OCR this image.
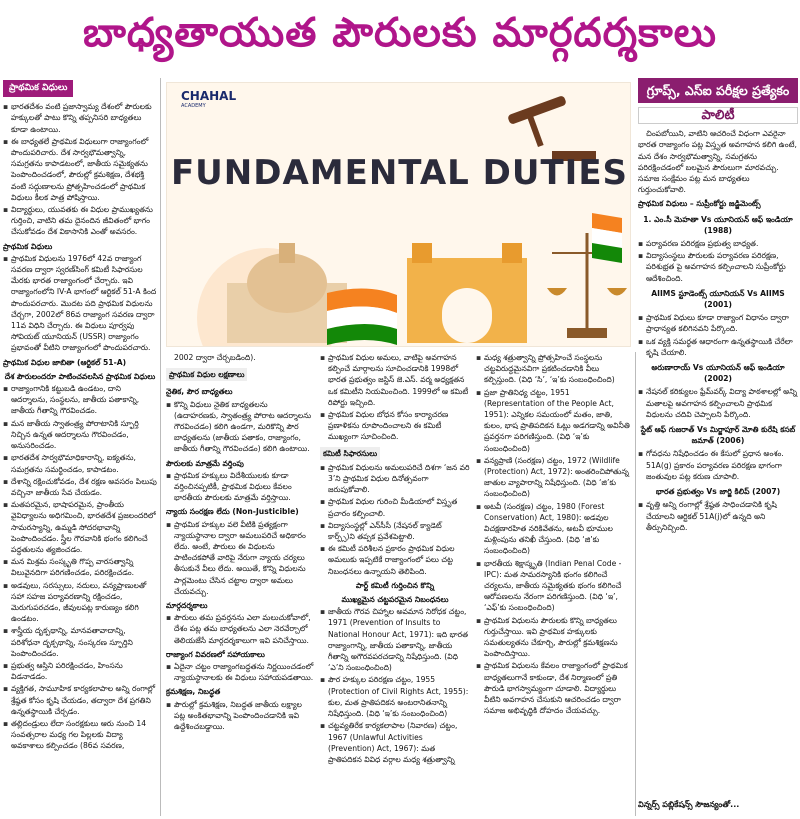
బాధ్యతాయుత పౌరులకు మార్గదర్శకాలు
ప్రాథమిక విధులు
▪ భారతదేశం వంటి ప్రజాస్వామ్య దేశంలో పౌరులకు హక్కులతో పాటు కొన్ని తప్పనిసరి బాధ్యతలు కూడా ఉంటాయి.
▪ ఈ బాధ్యతలే ప్రాథమిక విధులుగా రాజ్యాంగంలో పొందుపరిచారు. దేశ సార్వభౌమత్వాన్ని, సమగ్రతను కాపాడటంలో, జాతీయ సమైక్యతను పెంపొందించడంలో, పౌరుల్లో క్రమశిక్షణ, దేశభక్తి వంటి సద్గుణాలను ప్రోత్సహించడంలో ప్రాథమిక విధులు కీలక పాత్ర పోషిస్తాయి.
▪ విద్యార్థులు, యువతకు ఈ విధుల ప్రాముఖ్యతను గుర్తించి, వాటిని తమ దైనందిన జీవితంలో భాగం చేసుకోవడం దేశ వికాసానికి ఎంతో అవసరం.
ప్రాథమిక విధులు
▪ ప్రాథమిక విధులను 1976లో 42వ రాజ్యాంగ సవరణ ద్వారా స్వరణ్‌సింగ్ కమిటీ సిఫారసుల మేరకు భారత రాజ్యాంగంలో చేర్చారు. ఇవి రాజ్యాంగంలోని IV-A భాగంలో ఆర్టికల్ 51-A కింద పొందుపరచారు. మొదట పది ప్రాథమిక విధులను చేర్చగా, 2002లో 86వ రాజ్యాంగ సవరణ ద్వారా 11వ విధిని చేర్చారు. ఈ విధులు పూర్వపు సోవియట్ యూనియన్ (USSR) రాజ్యాంగం ప్రభావంతో వీటిని రాజ్యాంగంలో పొందుపరచారు.
ప్రాథమిక విధుల జాబితా (ఆర్టికల్ 51-A)
దేశ పౌరులందరూ పాటించవలసిన ప్రాథమిక విధులు
▪ రాజ్యాంగానికి కట్టుబడి ఉండటం, దాని ఆదర్శాలను, సంస్థలను, జాతీయ పతాకాన్ని, జాతీయ గీతాన్ని గౌరవించడం.
▪ మన జాతీయ స్వాతంత్ర్య పోరాటానికి స్ఫూర్తి నిచ్చిన ఉన్నత ఆదర్శాలను గౌరవించడం, అనుసరించడం.
▪ భారతదేశ సార్వభౌమాధికారాన్ని, ఐక్యతను, సమగ్రతను సమర్థించడం, కాపాడటం.
▪ దేశాన్ని రక్షించుకోవడం, దేశ రక్షణ అవసరం పిలుపు వచ్చినా జాతీయ సేవ చేయడం.
▪ మతపరమైన, భాషాపరమైన, ప్రాంతీయ వైవిధ్యాలను అధిగమించి, భారతదేశ ప్రజలందరిలో సామరస్యాన్ని, ఉమ్మడి సోదరభావాన్ని పెంపొందించడం. స్త్రీల గౌరవానికి భంగం కలిగించే పద్ధతులను త్యజించడం.
▪ మన మిశ్రమ సంస్కృతి గొప్ప వారసత్వాన్ని విలువైనదిగా పరిగణించడం, పరిరక్షించడం.
▪ అడవులు, సరస్సులు, నదులు, వన్యప్రాణులతో సహా సహజ పర్యావరణాన్ని రక్షించడం, మెరుగుపరచడం, జీవులపట్ల కారుణ్యం కలిగి ఉండటం.
▪ శాస్త్రీయ దృక్పథాన్ని, మానవతావాదాన్ని, పరిశోధనా దృక్పథాన్ని, సంస్కరణ స్ఫూర్తిని పెంపొందించడం.
▪ ప్రభుత్వ ఆస్తిని పరిరక్షించడం, హింసను విడనాడడం.
▪ వ్యక్తిగత, సామూహిక కార్యకలాపాల అన్ని రంగాల్లో శ్రేష్ఠత కోసం కృషి చేయడం, తద్వారా దేశ ప్రగతిని ఉన్నతస్థాయికి చేర్చడం.
▪ తల్లిదండ్రులు లేదా సంరక్షకులు ఆరు నుంచి 14 సంవత్సరాల మధ్య గల పిల్లలకు విద్యా అవకాశాలు కల్పించడం (86వ సవరణ,
CHAHAL
ACADEMY
FUNDAMENTAL DUTIES
2002 ద్వారా చేర్చబడింది).
ప్రాథమిక విధుల లక్షణాలు
నైతిక, పౌర బాధ్యతలు
▪ కొన్ని విధులు నైతిక బాధ్యతలను (ఉదాహరణకు, స్వాతంత్ర్య పోరాట ఆదర్శాలను గౌరవించడం) కలిగి ఉండగా, మరికొన్ని పౌర బాధ్యతలను (జాతీయ పతాకం, రాజ్యాంగం, జాతీయ గీతాన్ని గౌరవించడం) కలిగి ఉంటాయి.
పౌరులకు మాత్రమే వర్తింపు
▪ ప్రాథమిక హక్కులు విదేశీయులకు కూడా వర్తించినప్పటికీ, ప్రాథమిక విధులు కేవలం భారతీయ పౌరులకు మాత్రమే వర్తిస్తాయి.
న్యాయ సంరక్షణ లేదు (Non-Justicible)
▪ ప్రాథమిక హక్కుల వలె వీటికి ప్రత్యక్షంగా న్యాయస్థానాల ద్వారా అమలుపరిచే అధికారం లేదు. అంటే, పౌరులు ఈ విధులను పాటించకపోతే వారిపై నేరుగా న్యాయ చర్యలు తీసుకునే వీలు లేదు. అయితే, కొన్ని విధులను పార్లమెంటు చేసిన చట్టాల ద్వారా అమలు చేయవచ్చు.
మార్గదర్శకాలు
▪ పౌరులు తమ ప్రవర్తనను ఎలా మలుచుకోవాలో, దేశం పట్ల తమ బాధ్యతలను ఎలా నెరవేర్చాలో తెలియజేసే మార్గదర్శకాలుగా ఇవి పనిచేస్తాయి.
రాజ్యాంగ వివరణలో సహాయకాలు
▪ ఏదైనా చట్టం రాజ్యాంగబద్ధతను నిర్ణయించడంలో న్యాయస్థానాలకు ఈ విధులు సహాయపడతాయి.
క్రమశిక్షణ, నిబద్ధత
▪ పౌరుల్లో క్రమశిక్షణ, నిబద్ధత జాతీయ లక్ష్యాల పట్ల అంకితభావాన్ని పెంపొందించడానికి ఇవి ఉద్దేశించబడ్డాయి.
▪ ప్రాథమిక విధుల అమలు, వాటిపై అవగాహన కల్పించే మార్గాలను సూచించడానికి 1998లో భారత ప్రభుత్వం జస్టిస్ జె.ఎస్. వర్మ అధ్యక్షతన ఒక కమిటీని నియమించింది. 1999లో ఆ కమిటీ రిపోర్టు ఇచ్చింది.
▪ ప్రాథమిక విధుల బోధన కోసం కార్యాచరణ ప్రణాళికను రూపొందించాలని ఈ కమిటీ ముఖ్యంగా సూచించింది.
కమిటీ సిఫారసులు
▪ ప్రాథమిక విధులను అమలుపరిచే దిశగా ‘జన వరి 3’ని ప్రాథమిక విధుల దినోత్సవంగా జరుపుకోవాలి.
▪ ప్రాథమిక విధుల గురించి మీడియాలో విస్తృత ప్రచారం కల్పించాలి.
▪ విద్యాసంస్థల్లో ఎన్‌సీసీ (నేషనల్ క్యాడెట్ కార్ప్స్)ని తప్పక ప్రవేశపెట్టాలి.
▪ ఈ కమిటీ పరిశీలన ప్రకారం ప్రాథమిక విధుల అమలుకు ఇప్పటికే రాజ్యాంగంలో పలు చట్ట నిబంధనలు ఉన్నాయని తెలిపింది.
పార్ట్ కమిటీ గుర్తించిన కొన్ని
ముఖ్యమైన చట్టపరమైన నిబంధనలు
▪ జాతీయ గౌరవ చిహ్నాల అవమాన నిరోధక చట్టం, 1971 (Prevention of Insults to National Honour Act, 1971): ఇది భారత రాజ్యాంగాన్ని, జాతీయ పతాకాన్ని, జాతీయ గీతాన్ని అగౌరవపరచడాన్ని నిషేధిస్తుంది. (విధి ‘ఎ’ని సంబంధించింది)
▪ పౌర హక్కుల పరిరక్షణ చట్టం, 1955 (Protection of Civil Rights Act, 1955): కుల, మత ప్రాతిపదికన అంటరానితనాన్ని నిషేధిస్తుంది. (విధి ‘ఇ’కు సంబంధించింది)
▪ చట్టవ్యతిరేక కార్యకలాపాల (నివారణ) చట్టం, 1967 (Unlawful Activities (Prevention) Act, 1967): మత ప్రాతిపదికన వివిధ వర్గాల మధ్య శత్రుత్వాన్ని
▪ మధ్య శత్రుత్వాన్ని ప్రోత్సహించే సంస్థలను చట్టవిరుద్ధమైనవిగా ప్రకటించడానికి వీలు కల్పిస్తుంది. (విధి ‘సి’, ‘ఇ’కు సంబంధించింది)
▪ ప్రజా ప్రాతినిధ్య చట్టం, 1951 (Representation of the People Act, 1951): ఎన్నికల సమయంలో మతం, జాతి, కులం, భాష ప్రాతిపదికన ఓట్లు అడగడాన్ని అవినీతి ప్రవర్తనగా పరిగణిస్తుంది. (విధి ‘ఇ’కు సంబంధించింది)
▪ వన్యప్రాణి (సంరక్షణ) చట్టం, 1972 (Wildlife (Protection) Act, 1972): అంతరించిపోతున్న జాతుల వ్యాపారాన్ని నిషేధిస్తుంది. (విధి ‘జి’కు సంబంధించింది)
▪ అటవీ (సంరక్షణ) చట్టం, 1980 (Forest Conservation) Act, 1980): అడవుల విచక్షణారహిత నరికివేతను, అటవీ భూముల మళ్లింపును తనిఖీ చేస్తుంది. (విధి ‘జి’కు సంబంధించింది)
▪ భారతీయ శిక్షాస్మృతి (Indian Penal Code - IPC): మత సామరస్యానికి భంగం కలిగించే చర్యలను, జాతీయ సమైక్యతకు భంగం కలిగించే ఆరోపణలను నేరంగా పరిగణిస్తుంది. (విధి ‘ఇ’, ‘ఎఫ్’కు సంబంధించింది)
▪ ప్రాథమిక విధులను పౌరులకు కొన్ని బాధ్యతలు గుర్తుచేస్తాయి. ఇవి ప్రాథమిక హక్కులకు సమతుల్యతను చేకూర్చి, పౌరుల్లో క్రమశిక్షణను పెంపొందిస్తాయి.
▪ ప్రాథమిక విధులను కేవలం రాజ్యాంగంలో ప్రాథమిక బాధ్యతలుగానే కాకుండా, దేశ నిర్మాణంలో ప్రతి పౌరుడి భాగస్వామ్యంగా చూడాలి. విద్యార్థులు వీటిని అవగాహన చేసుకుని ఆచరించడం ద్వారా సమాజ అభివృద్ధికి దోహదం చేయవచ్చు.
గ్రూప్స్, ఎస్ఐ పరీక్షల ప్రత్యేకం
పాలిటీ
చింపబోయిని, వాటిని ఆచరించే విధంగా ఎవరైనా భారత రాజ్యాంగం పట్ల విస్తృత అవగాహన కలిగి ఉంటే, మన దేశం సార్వభౌమత్వాన్ని, సమగ్రతను పరిరక్షించడంలో బలమైన పౌరులుగా మారవచ్చు. సమాజ సంక్షేమం పట్ల మన బాధ్యతలు గుర్తుంచుకోవాలి.
ప్రాథమిక విధులు – సుప్రీంకోర్టు జడ్జిమెంట్స్
1. ఎం.సీ మెహతా Vs యూనియన్ ఆఫ్ ఇండియా (1988)
▪ పర్యావరణ పరిరక్షణ ప్రభుత్వ బాధ్యత.
▪ విద్యాసంస్థలు పౌరులకు పర్యావరణ పరిరక్షణ, పరిశుభ్రత పై అవగాహన కల్పించాలని సుప్రీంకోర్టు ఆదేశించింది.
AIIMS స్టూడెంట్స్ యూనియన్ Vs AIIMS (2001)
▪ ప్రాథమిక విధులు కూడా రాజ్యాంగ విధానం ద్వారా ప్రాధాన్యత కలిగినవని పేర్కొంది.
▪ ఒక వ్యక్తి సమర్థత ఆధారంగా ఉన్నతస్థాయికి చేరేలా కృషి చేయాలి.
అరుణారాయ్ Vs యూనియన్ ఆఫ్ ఇండియా (2002)
▪ నేషనల్ కరిక్యులం ఫ్రేమ్‌వర్క్ విద్యా పాఠశాలల్లో అన్ని మతాలపై అవగాహన కల్పించాలని ప్రాథమిక విధులను చదివి చెప్పాలని పేర్కొంది.
స్టేట్ ఆఫ్ గుజరాత్ Vs మిర్జాపూర్ మోతి కురేషి కసబ్ జమాత్ (2006)
▪ గోవధను నిషేధించడం ఈ కేసులో ప్రధాన అంశం. 51A(g) ప్రకారం పర్యావరణ పరిరక్షణ భాగంగా జంతువుల పట్ల కరుణ చూపాలి.
భారత ప్రభుత్వం Vs జార్జి కిలిప్ (2007)
▪ వృత్తి అన్ని రంగాల్లో శ్రేష్ఠత సాధించడానికి కృషి చేయాలని ఆర్టికల్ 51A(j)లో ఉన్నది అని తీర్పునిచ్చింది.
విన్నర్స్ పబ్లికేషన్స్ సౌజన్యంతో...
